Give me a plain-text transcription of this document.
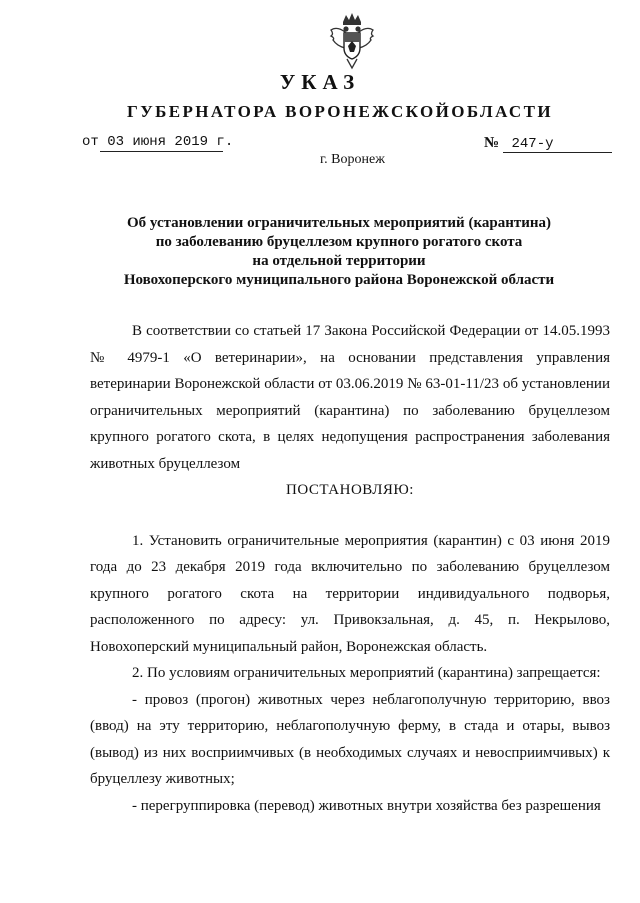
УКАЗ
ГУБЕРНАТОРА ВОРОНЕЖСКОЙОБЛАСТИ
от 03 июня 2019 г.	№ 247-у
г. Воронеж
Об установлении ограничительных мероприятий (карантина)
по заболеванию бруцеллезом крупного рогатого скота
на отдельной территории
Новохоперского муниципального района Воронежской области

В соответствии со статьей 17 Закона Российской Федерации от 14.05.1993 № 4979-1 «О ветеринарии», на основании представления управления ветеринарии Воронежской области от 03.06.2019 № 63-01-11/23 об установлении ограничительных мероприятий (карантина) по заболеванию бруцеллезом крупного рогатого скота, в целях недопущения распространения заболевания животных бруцеллезом

ПОСТАНОВЛЯЮ:

1. Установить ограничительные мероприятия (карантин) с 03 июня 2019 года до 23 декабря 2019 года включительно по заболеванию бруцеллезом крупного рогатого скота на территории индивидуального подворья, расположенного по адресу: ул. Привокзальная, д. 45, п. Некрылово, Новохоперский муниципальный район, Воронежская область.

2. По условиям ограничительных мероприятий (карантина) запрещается:

- провоз (прогон) животных через неблагополучную территорию, ввоз (ввод) на эту территорию, неблагополучную ферму, в стада и отары, вывоз (вывод) из них восприимчивых (в необходимых случаях и невосприимчивых) к бруцеллезу животных;

- перегруппировка (перевод) животных внутри хозяйства без разрешения
